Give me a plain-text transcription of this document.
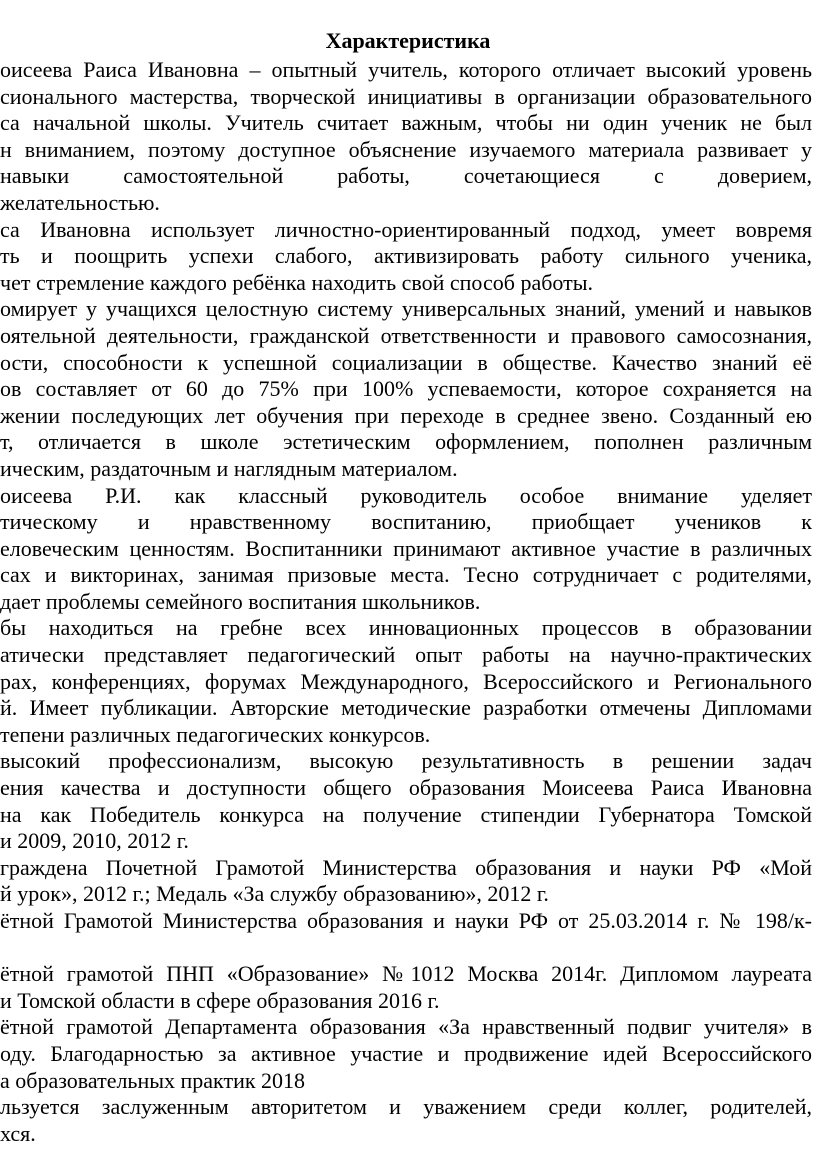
Характеристика
оисеева Раиса Ивановна – опытный учитель, которого отличает высокий уровень
сионального мастерства, творческой инициативы в организации образовательного
са начальной школы. Учитель считает важным, чтобы ни один ученик не был
н вниманием, поэтому доступное объяснение изучаемого материала развивает у
навыки самостоятельной работы, сочетающиеся с доверием,
желательностью.
са Ивановна использует личностно-ориентированный подход, умеет вовремя
ть и поощрить успехи слабого, активизировать работу сильного ученика,
чет стремление каждого ребёнка находить свой способ работы.
омирует у учащихся целостную систему универсальных знаний, умений и навыков
оятельной деятельности, гражданской ответственности и правового самосознания,
ости, способности к успешной социализации в обществе. Качество знаний её
ов составляет от 60 до 75% при 100% успеваемости, которое сохраняется на
жении последующих лет обучения при переходе в среднее звено. Созданный ею
т, отличается в школе эстетическим оформлением, пополнен различным
ическим, раздаточным и наглядным материалом.
оисеева Р.И. как классный руководитель особое внимание уделяет
тическому и нравственному воспитанию, приобщает учеников к
еловеческим ценностям. Воспитанники принимают активное участие в различных
сах и викторинах, занимая призовые места. Тесно сотрудничает с родителями,
дает проблемы семейного воспитания школьников.
бы находиться на гребне всех инновационных процессов в образовании
атически представляет педагогический опыт работы на научно-практических
рах, конференциях, форумах Международного, Всероссийского и Регионального
й. Имеет публикации. Авторские методические разработки отмечены Дипломами
тепени различных педагогических конкурсов.
высокий профессионализм, высокую результативность в решении задач
ения качества и доступности общего образования Моисеева Раиса Ивановна
на как Победитель конкурса на получение стипендии Губернатора Томской
и 2009, 2010, 2012 г.
граждена Почетной Грамотой Министерства образования и науки РФ «Мой
й урок», 2012 г.; Медаль «За службу образованию», 2012 г.
ётной Грамотой Министерства образования и науки РФ от 25.03.2014 г. № 198/к-
ётной грамотой ПНП «Образование» №1012 Москва 2014г. Дипломом лауреата
и Томской области в сфере образования 2016 г.
ётной грамотой Департамента образования «За нравственный подвиг учителя» в
оду. Благодарностью за активное участие и продвижение идей Всероссийского
а образовательных практик 2018
льзуется заслуженным авторитетом и уважением среди коллег, родителей,
хся.
